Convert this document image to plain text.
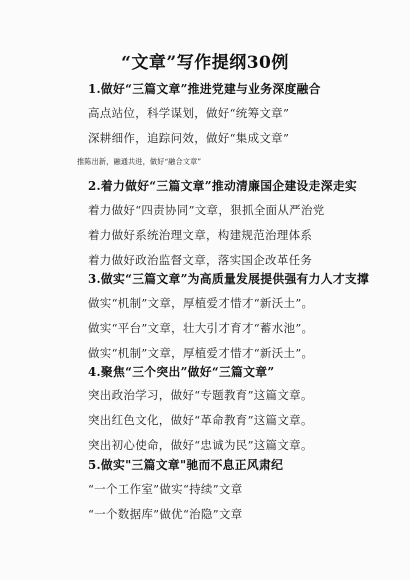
“文章”写作提纲30例
1.做好“三篇文章”推进党建与业务深度融合
高点站位，科学谋划，做好“统筹文章”
深耕细作，追踪问效，做好“集成文章”
推陈出新，融通共进，做好“融合文章”
2.着力做好“三篇文章”推动清廉国企建设走深走实
着力做好“四责协同”文章，狠抓全面从严治党
着力做好系统治理文章，构建规范治理体系
着力做好政治监督文章，落实国企改革任务
3.做实“三篇文章”为高质量发展提供强有力人才支撑
做实“机制”文章，厚植爱才惜才“新沃土”。
做实“平台”文章，壮大引才育才“蓄水池”。
做实“机制”文章，厚植爱才惜才“新沃土”。
4.聚焦“三个突出”做好“三篇文章”
突出政治学习，做好“专题教育”这篇文章。
突出红色文化，做好“革命教育”这篇文章。
突出初心使命，做好“忠诚为民”这篇文章。
5.做实"三篇文章"驰而不息正风肃纪
“一个工作室”做实“持续”文章
“一个数据库”做优“治隐”文章
